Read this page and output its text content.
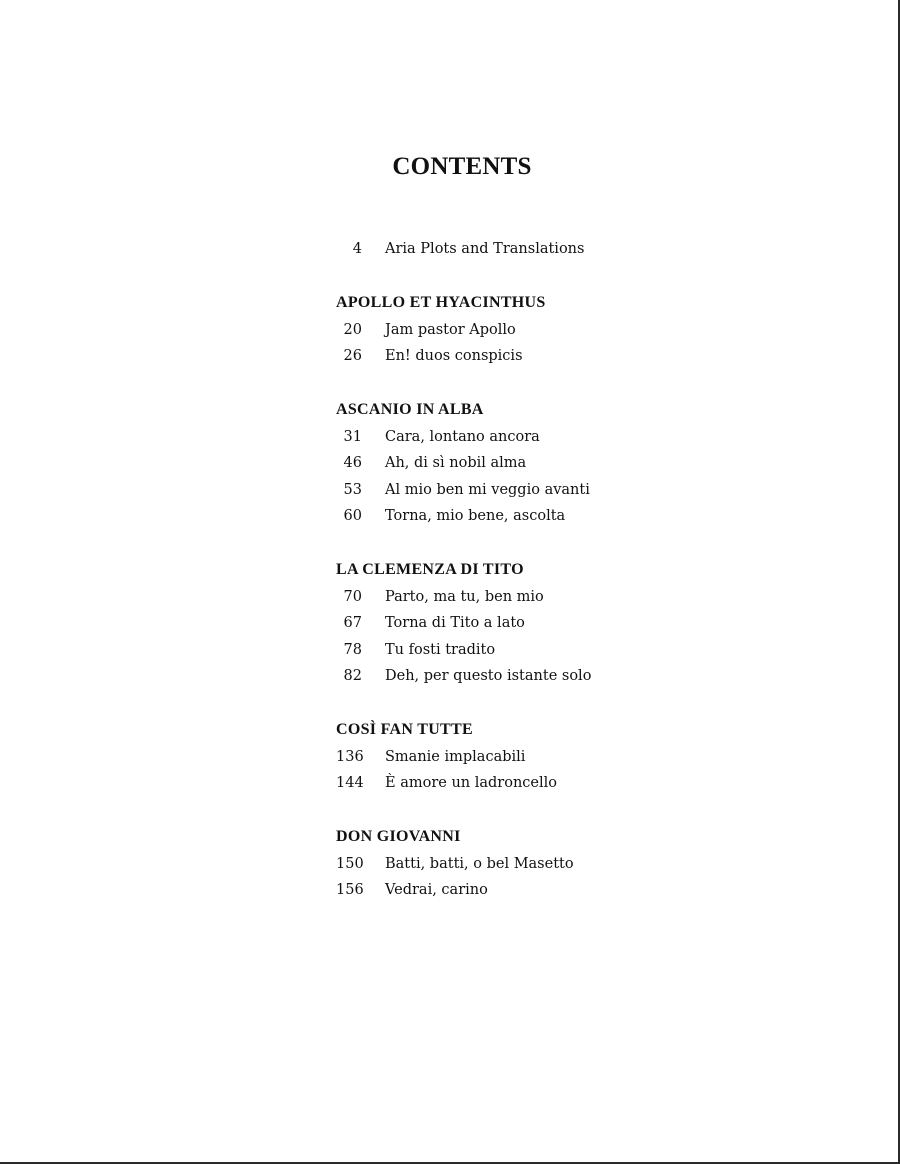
CONTENTS
4 Aria Plots and Translations
APOLLO ET HYACINTHUS
20 Jam pastor Apollo
26 En! duos conspicis
ASCANIO IN ALBA
31 Cara, lontano ancora
46 Ah, di sì nobil alma
53 Al mio ben mi veggio avanti
60 Torna, mio bene, ascolta
LA CLEMENZA DI TITO
70 Parto, ma tu, ben mio
67 Torna di Tito a lato
78 Tu fosti tradito
82 Deh, per questo istante solo
COSÌ FAN TUTTE
136 Smanie implacabili
144 È amore un ladroncello
DON GIOVANNI
150 Batti, batti, o bel Masetto
156 Vedrai, carino
